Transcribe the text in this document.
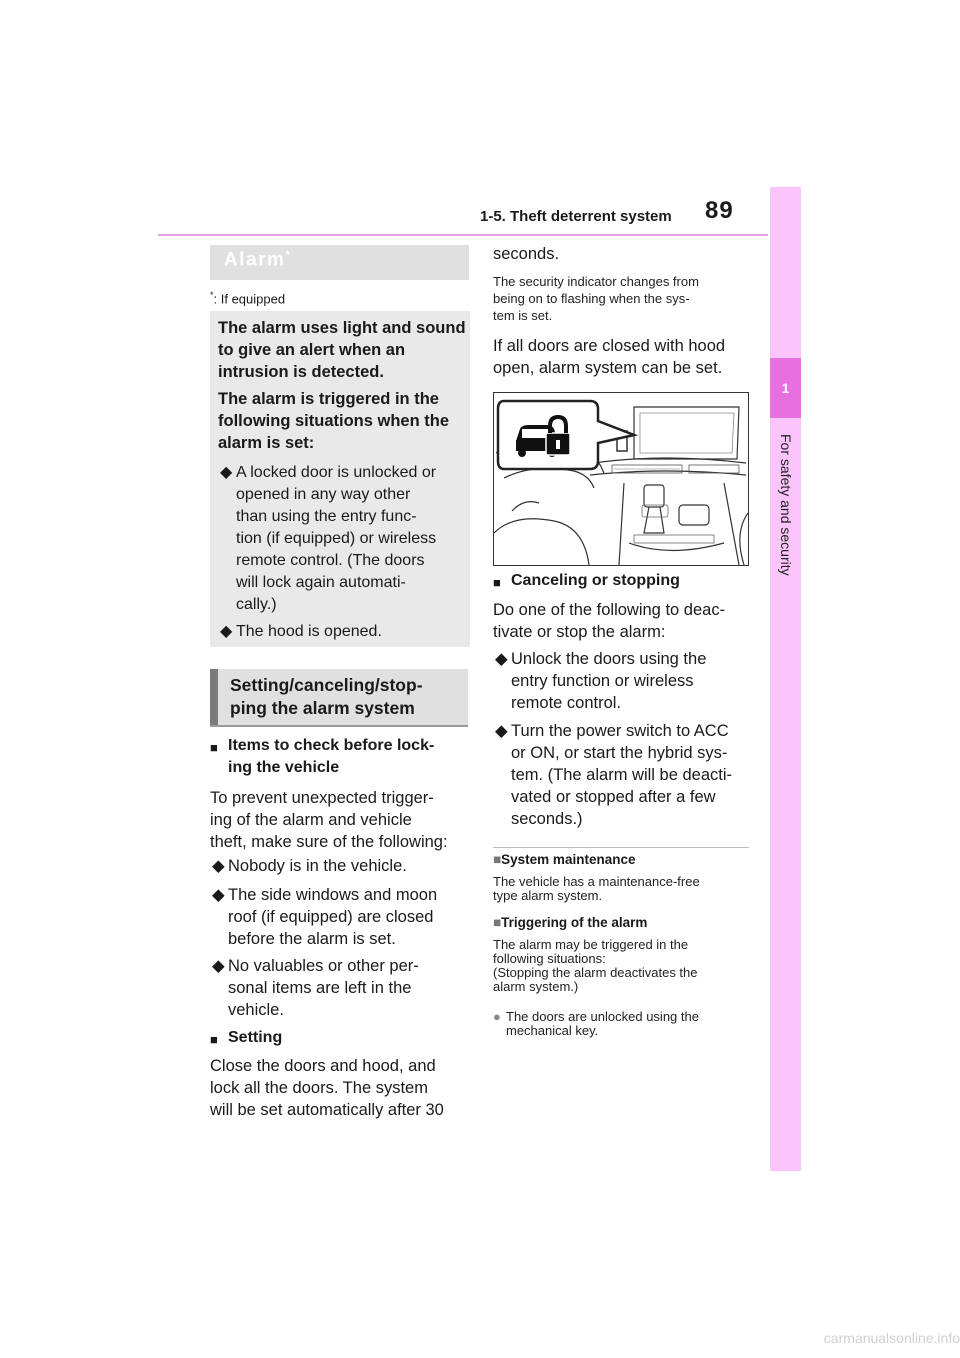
1-5. Theft deterrent system	89
1
For safety and security
Alarm*
*: If equipped
The alarm uses light and sound to give an alert when an intrusion is detected.
The alarm is triggered in the following situations when the alarm is set:
◆ A locked door is unlocked or
opened in any way other
than using the entry func-
tion (if equipped) or wireless
remote control. (The doors
will lock again automati-
cally.)
◆ The hood is opened.
Setting/canceling/stop-
ping the alarm system
■ Items to check before lock-
ing the vehicle
To prevent unexpected trigger-
ing of the alarm and vehicle
theft, make sure of the following:
◆ Nobody is in the vehicle.
◆ The side windows and moon
roof (if equipped) are closed
before the alarm is set.
◆ No valuables or other per-
sonal items are left in the
vehicle.
■ Setting
Close the doors and hood, and
lock all the doors. The system
will be set automatically after 30
seconds.
The security indicator changes from
being on to flashing when the sys-
tem is set.
If all doors are closed with hood
open, alarm system can be set.
■ Canceling or stopping
Do one of the following to deac-
tivate or stop the alarm:
◆ Unlock the doors using the
entry function or wireless
remote control.
◆ Turn the power switch to ACC
or ON, or start the hybrid sys-
tem. (The alarm will be deacti-
vated or stopped after a few
seconds.)
■System maintenance
The vehicle has a maintenance-free
type alarm system.
■Triggering of the alarm
The alarm may be triggered in the
following situations:
(Stopping the alarm deactivates the
alarm system.)
● The doors are unlocked using the
mechanical key.
carmanualsonline.info
